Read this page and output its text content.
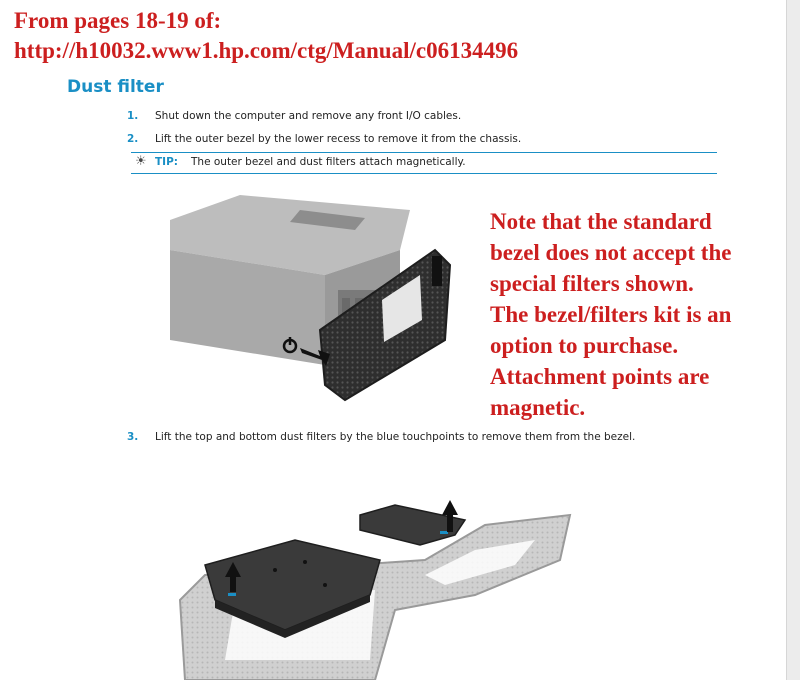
From pages 18-19 of:
http://h10032.www1.hp.com/ctg/Manual/c06134496
Dust filter
1. Shut down the computer and remove any front I/O cables.
2. Lift the outer bezel by the lower recess to remove it from the chassis.
☀ TIP: The outer bezel and dust filters attach magnetically.
Note that the standard
bezel does not accept the
special filters shown.
The bezel/filters kit is an
option to purchase.
Attachment points are
magnetic.
3. Lift the top and bottom dust filters by the blue touchpoints to remove them from the bezel.
